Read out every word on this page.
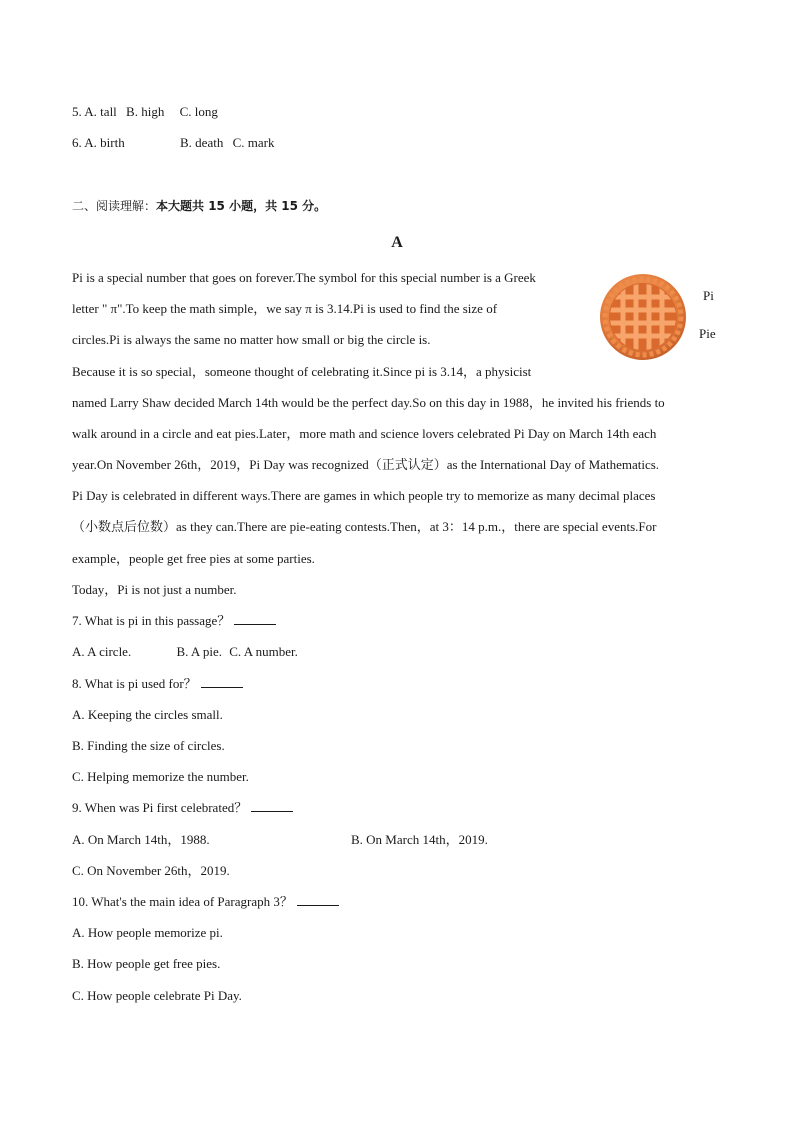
5. A. tall B. high C. long
6. A. birth	B. death C. mark
二、阅读理解：本大题共 15 小题，共 15 分。
A
Pi is a special number that goes on forever.The symbol for this special number is a Greek
letter " π".To keep the math simple，we say π is 3.14.Pi is used to find the size of
circles.Pi is always the same no matter how small or big the circle is.
Because it is so special，someone thought of celebrating it.Since pi is 3.14，a physicist
named Larry Shaw decided March 14th would be the perfect day.So on this day in 1988，he invited his friends to
walk around in a circle and eat pies.Later，more math and science lovers celebrated Pi Day on March 14th each
year.On November 26th，2019，Pi Day was recognized（正式认定）as the International Day of Mathematics.
Pi Day is celebrated in different ways.There are games in which people try to memorize as many decimal places
（小数点后位数）as they can.There are pie-eating contests.Then，at 3：14 p.m.，there are special events.For
example，people get free pies at some parties.
Today，Pi is not just a number.
Pi
Pie
7. What is pi in this passage？
A. A circle.	B. A pie. C. A number.
8. What is pi used for？
A. Keeping the circles small.
B. Finding the size of circles.
C. Helping memorize the number.
9. When was Pi first celebrated？
A. On March 14th，1988.	B. On March 14th，2019.
C. On November 26th，2019.
10. What's the main idea of Paragraph 3？
A. How people memorize pi.
B. How people get free pies.
C. How people celebrate Pi Day.
